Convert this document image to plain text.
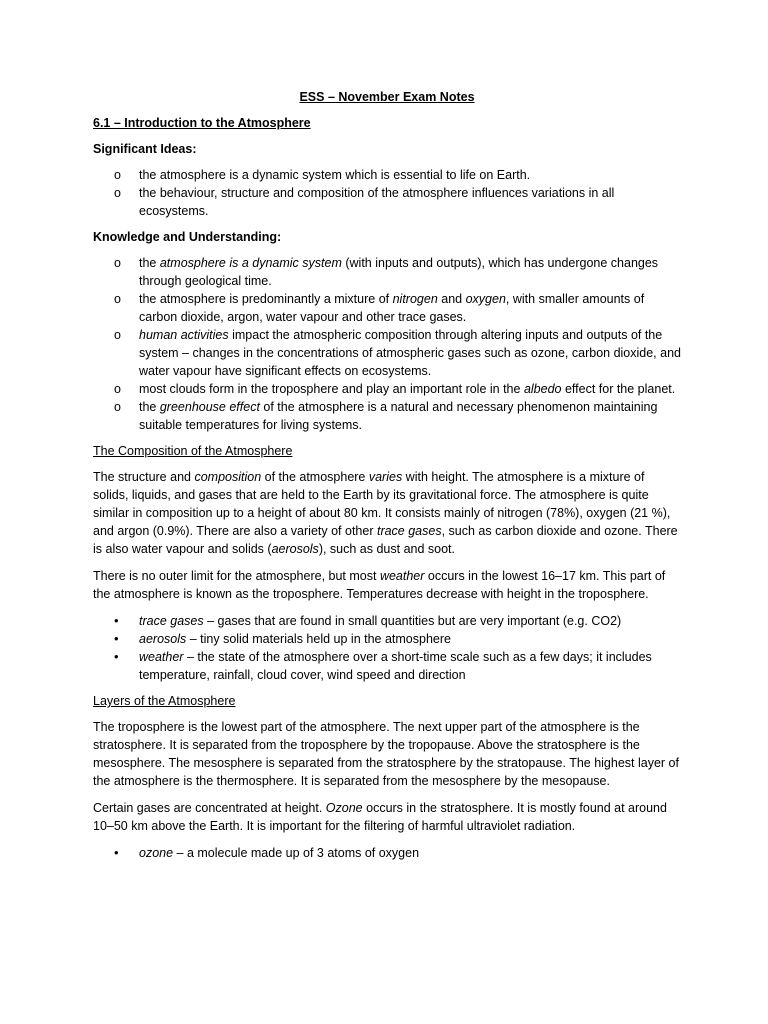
ESS – November Exam Notes

6.1 – Introduction to the Atmosphere

Significant Ideas:

o the atmosphere is a dynamic system which is essential to life on Earth.
o the behaviour, structure and composition of the atmosphere influences variations in all ecosystems.

Knowledge and Understanding:

o the atmosphere is a dynamic system (with inputs and outputs), which has undergone changes through geological time.
o the atmosphere is predominantly a mixture of nitrogen and oxygen, with smaller amounts of carbon dioxide, argon, water vapour and other trace gases.
o human activities impact the atmospheric composition through altering inputs and outputs of the system – changes in the concentrations of atmospheric gases such as ozone, carbon dioxide, and water vapour have significant effects on ecosystems.
o most clouds form in the troposphere and play an important role in the albedo effect for the planet.
o the greenhouse effect of the atmosphere is a natural and necessary phenomenon maintaining suitable temperatures for living systems.

The Composition of the Atmosphere

The structure and composition of the atmosphere varies with height. The atmosphere is a mixture of solids, liquids, and gases that are held to the Earth by its gravitational force. The atmosphere is quite similar in composition up to a height of about 80 km. It consists mainly of nitrogen (78%), oxygen (21 %), and argon (0.9%). There are also a variety of other trace gases, such as carbon dioxide and ozone. There is also water vapour and solids (aerosols), such as dust and soot.

There is no outer limit for the atmosphere, but most weather occurs in the lowest 16–17 km. This part of the atmosphere is known as the troposphere. Temperatures decrease with height in the troposphere.

• trace gases – gases that are found in small quantities but are very important (e.g. CO2)
• aerosols – tiny solid materials held up in the atmosphere
• weather – the state of the atmosphere over a short-time scale such as a few days; it includes temperature, rainfall, cloud cover, wind speed and direction

Layers of the Atmosphere

The troposphere is the lowest part of the atmosphere. The next upper part of the atmosphere is the stratosphere. It is separated from the troposphere by the tropopause. Above the stratosphere is the mesosphere. The mesosphere is separated from the stratosphere by the stratopause. The highest layer of the atmosphere is the thermosphere. It is separated from the mesosphere by the mesopause.

Certain gases are concentrated at height. Ozone occurs in the stratosphere. It is mostly found at around 10–50 km above the Earth. It is important for the filtering of harmful ultraviolet radiation.

• ozone – a molecule made up of 3 atoms of oxygen
